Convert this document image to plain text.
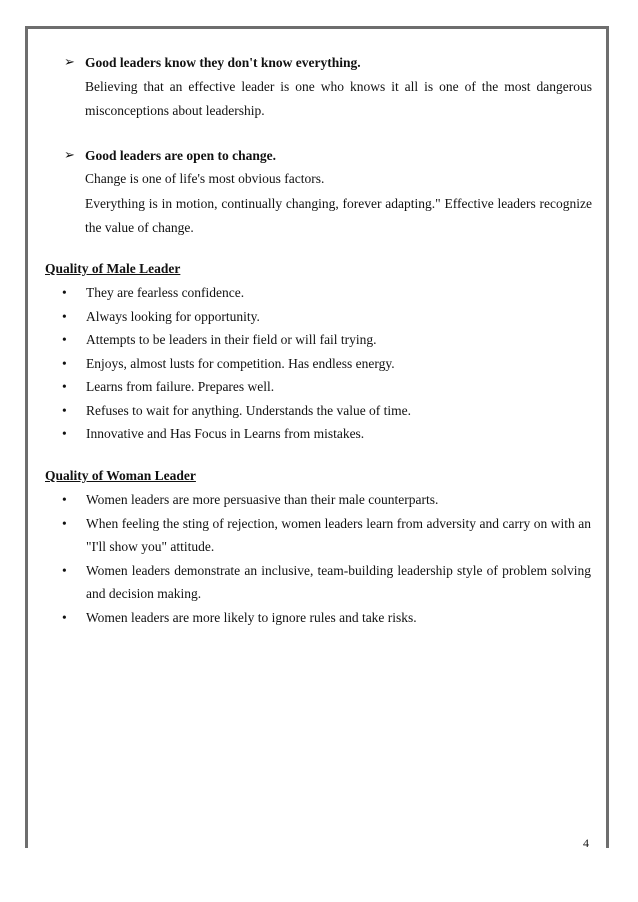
➢ Good leaders know they don't know everything.
Believing that an effective leader is one who knows it all is one of the most dangerous misconceptions about leadership.
➢ Good leaders are open to change.
Change is one of life's most obvious factors.
Everything is in motion, continually changing, forever adapting." Effective leaders recognize the value of change.
Quality of Male Leader
•	They are fearless confidence.
•	Always looking for opportunity.
•	Attempts to be leaders in their field or will fail trying.
•	Enjoys, almost lusts for competition. Has endless energy.
•	Learns from failure. Prepares well.
•	Refuses to wait for anything. Understands the value of time.
•	Innovative and Has Focus in Learns from mistakes.
Quality of Woman Leader
•	Women leaders are more persuasive than their male counterparts.
•	When feeling the sting of rejection, women leaders learn from adversity and carry on with an "I'll show you" attitude.
•	Women leaders demonstrate an inclusive, team-building leadership style of problem solving and decision making.
•	Women leaders are more likely to ignore rules and take risks.
4
